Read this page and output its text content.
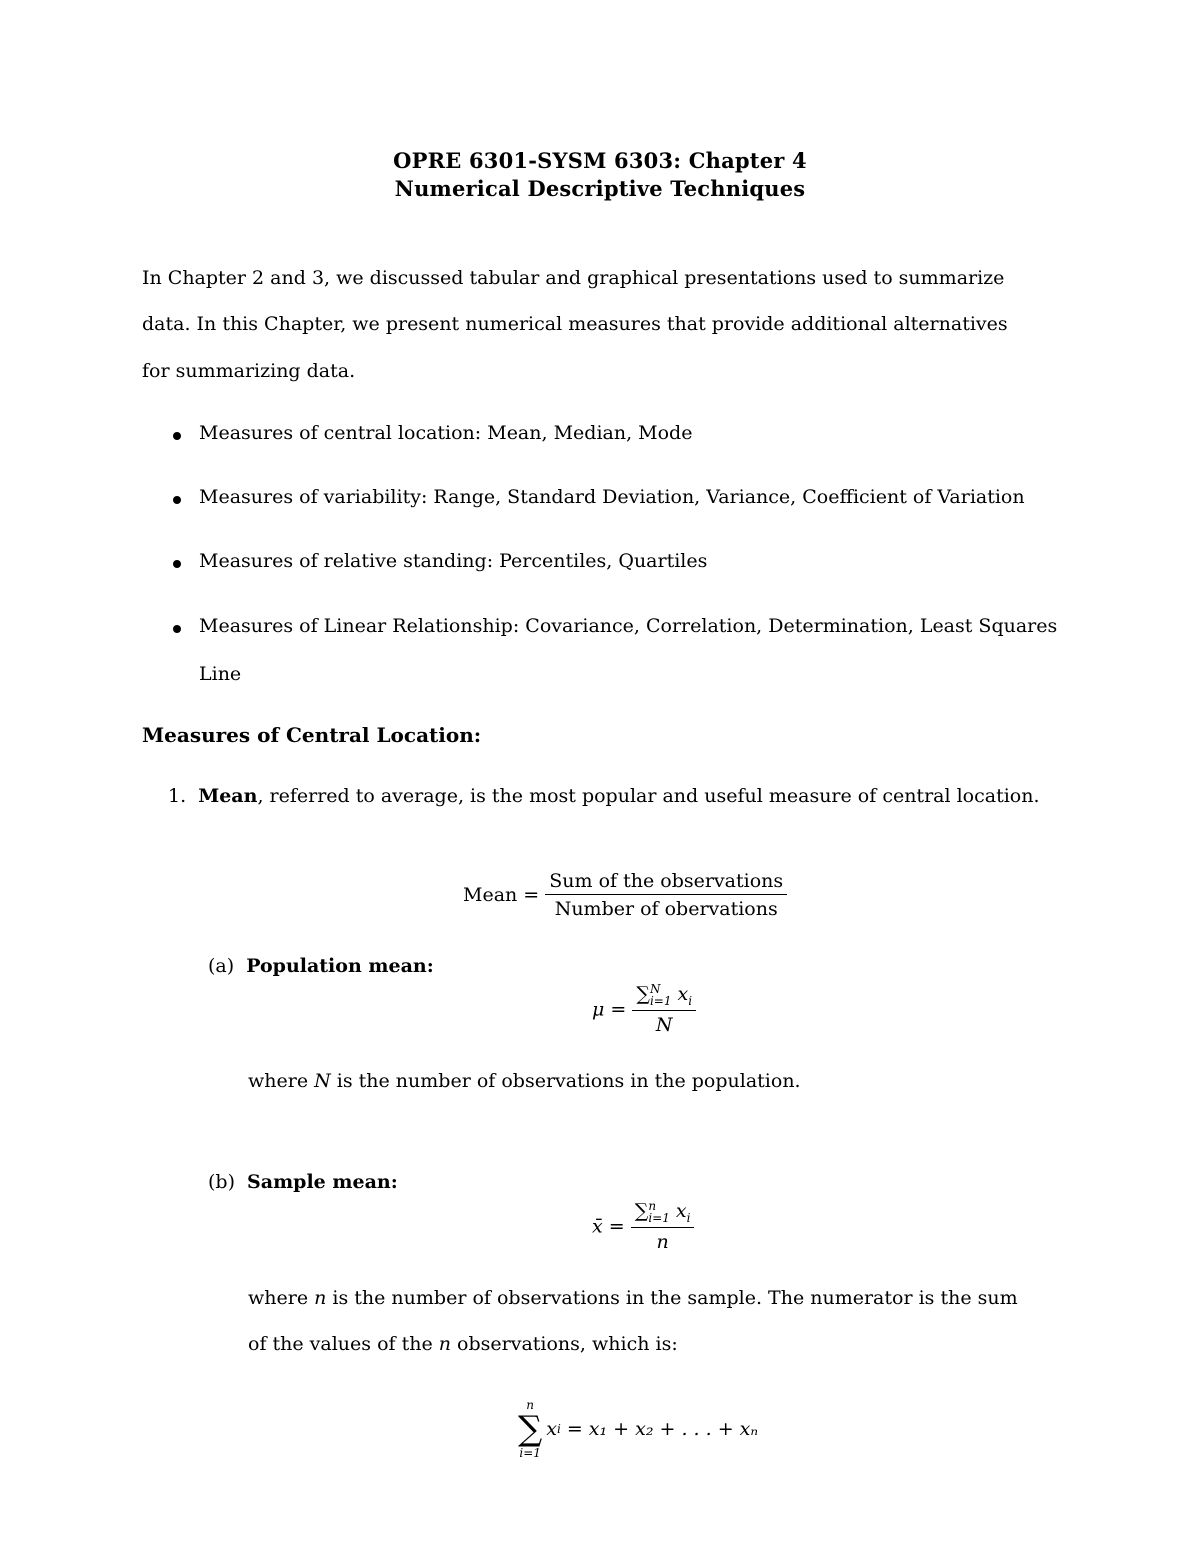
OPRE 6301-SYSM 6303: Chapter 4
Numerical Descriptive Techniques
In Chapter 2 and 3, we discussed tabular and graphical presentations used to summarize
data. In this Chapter, we present numerical measures that provide additional alternatives
for summarizing data.
Measures of central location: Mean, Median, Mode
Measures of variability: Range, Standard Deviation, Variance, Coefficient of Variation
Measures of relative standing: Percentiles, Quartiles
Measures of Linear Relationship: Covariance, Correlation, Determination, Least Squares
Line
Measures of Central Location:
1. Mean, referred to average, is the most popular and useful measure of central location.
Mean = $\frac{\text{Sum of the observations}}{\text{Number of obervations}}$
(a) Population mean:
μ = ∑ N
i=1 $x_i$
N
where N is the number of observations in the population.
(b) Sample mean:
x̄ = ∑ n
i=1 $x_i$
n
where n is the number of observations in the sample. The numerator is the sum
of the values of the n observations, which is:
n
∑
i=1
x i = x₁ + x₂ + . . . + xₙ
